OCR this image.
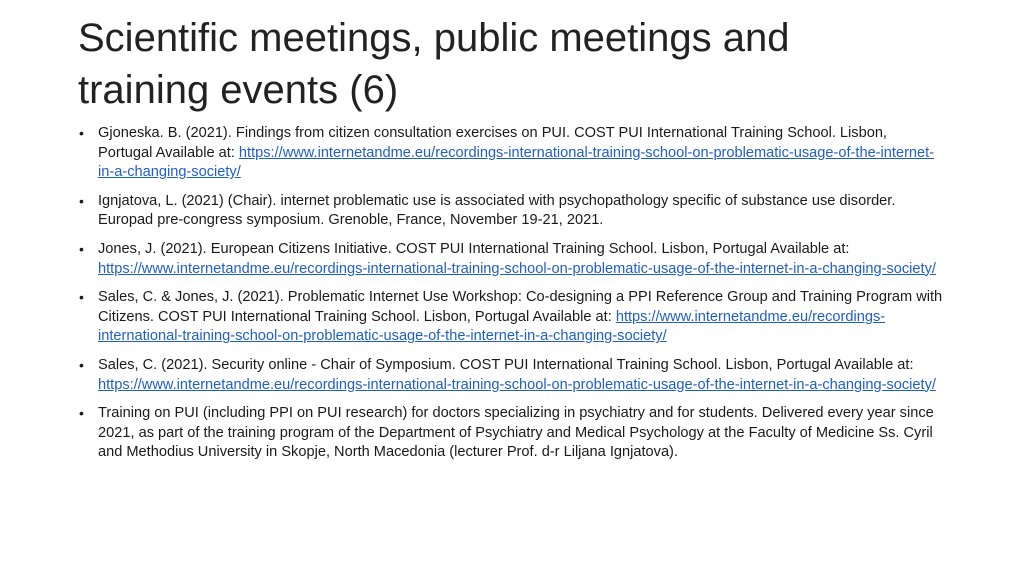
Scientific meetings, public meetings and
training events (6)
• Gjoneska. B. (2021). Findings from citizen consultation exercises on PUI. COST PUI International Training School. Lisbon, Portugal Available at: https://www.internetandme.eu/recordings-international-training-school-on-problematic-usage-of-the-internet-in-a-changing-society/
• Ignjatova, L. (2021) (Chair). internet problematic use is associated with psychopathology specific of substance use disorder. Europad pre-congress symposium. Grenoble, France, November 19-21, 2021.
• Jones, J. (2021). European Citizens Initiative. COST PUI International Training School. Lisbon, Portugal Available at: https://www.internetandme.eu/recordings-international-training-school-on-problematic-usage-of-the-internet-in-a-changing-society/
• Sales, C. & Jones, J. (2021). Problematic Internet Use Workshop: Co-designing a PPI Reference Group and Training Program with Citizens. COST PUI International Training School. Lisbon, Portugal Available at: https://www.internetandme.eu/recordings-international-training-school-on-problematic-usage-of-the-internet-in-a-changing-society/
• Sales, C. (2021). Security online - Chair of Symposium. COST PUI International Training School. Lisbon, Portugal Available at: https://www.internetandme.eu/recordings-international-training-school-on-problematic-usage-of-the-internet-in-a-changing-society/
• Training on PUI (including PPI on PUI research) for doctors specializing in psychiatry and for students. Delivered every year since 2021, as part of the training program of the Department of Psychiatry and Medical Psychology at the Faculty of Medicine Ss. Cyril and Methodius University in Skopje, North Macedonia (lecturer Prof. d-r Liljana Ignjatova).
